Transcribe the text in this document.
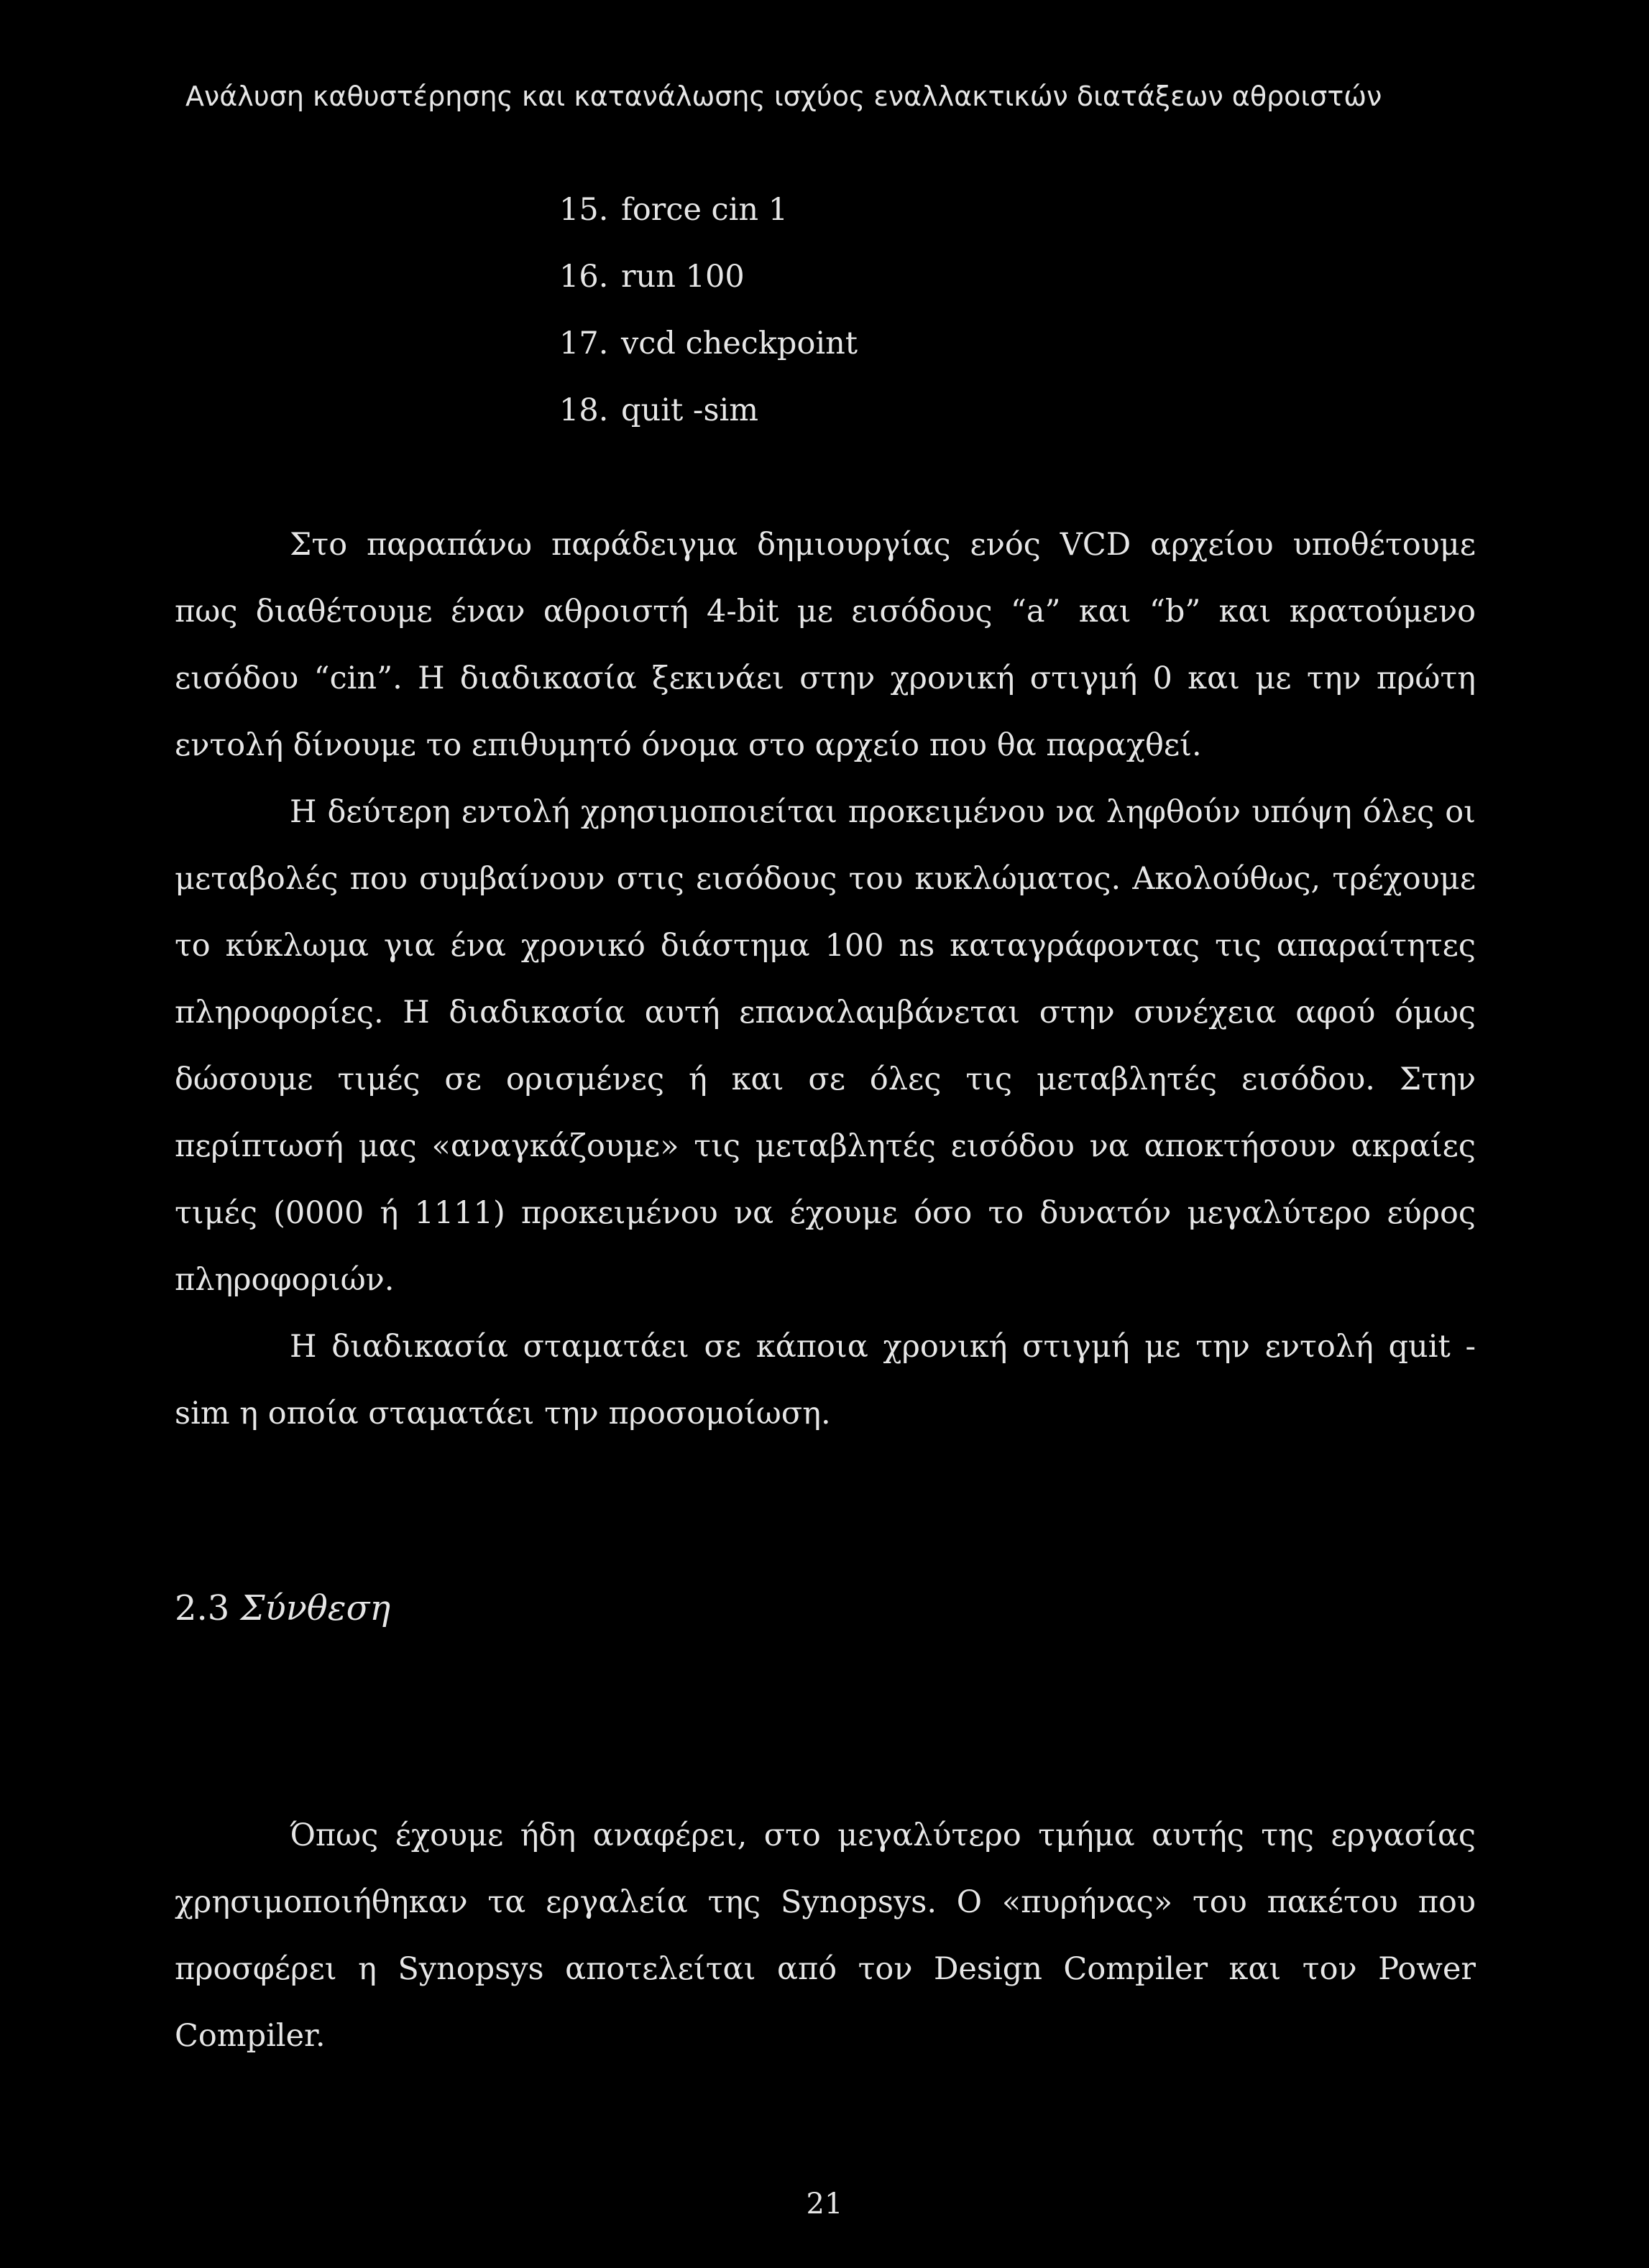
Ανάλυση καθυστέρησης και κατανάλωσης ισχύος εναλλακτικών διατάξεων αθροιστών
15. force cin 1
16. run 100
17. vcd checkpoint
18. quit -sim

Στο παραπάνω παράδειγμα δημιουργίας ενός VCD αρχείου υποθέτουμε πως διαθέτουμε έναν αθροιστή 4-bit με εισόδους “a” και “b” και κρατούμενο εισόδου “cin”. Η διαδικασία ξεκινάει στην χρονική στιγμή 0 και με την πρώτη εντολή δίνουμε το επιθυμητό όνομα στο αρχείο που θα παραχθεί.

Η δεύτερη εντολή χρησιμοποιείται προκειμένου να ληφθούν υπόψη όλες οι μεταβολές που συμβαίνουν στις εισόδους του κυκλώματος. Ακολούθως, τρέχουμε το κύκλωμα για ένα χρονικό διάστημα 100 ns καταγράφοντας τις απαραίτητες πληροφορίες. Η διαδικασία αυτή επαναλαμβάνεται στην συνέχεια αφού όμως δώσουμε τιμές σε ορισμένες ή και σε όλες τις μεταβλητές εισόδου. Στην περίπτωσή μας «αναγκάζουμε» τις μεταβλητές εισόδου να αποκτήσουν ακραίες τιμές (0000 ή 1111) προκειμένου να έχουμε όσο το δυνατόν μεγαλύτερο εύρος πληροφοριών.

Η διαδικασία σταματάει σε κάποια χρονική στιγμή με την εντολή quit - sim η οποία σταματάει την προσομοίωση.

2.3 Σύνθεση

Όπως έχουμε ήδη αναφέρει, στο μεγαλύτερο τμήμα αυτής της εργασίας χρησιμοποιήθηκαν τα εργαλεία της Synopsys. Ο «πυρήνας» του πακέτου που προσφέρει η Synopsys αποτελείται από τον Design Compiler και τον Power Compiler.

21
